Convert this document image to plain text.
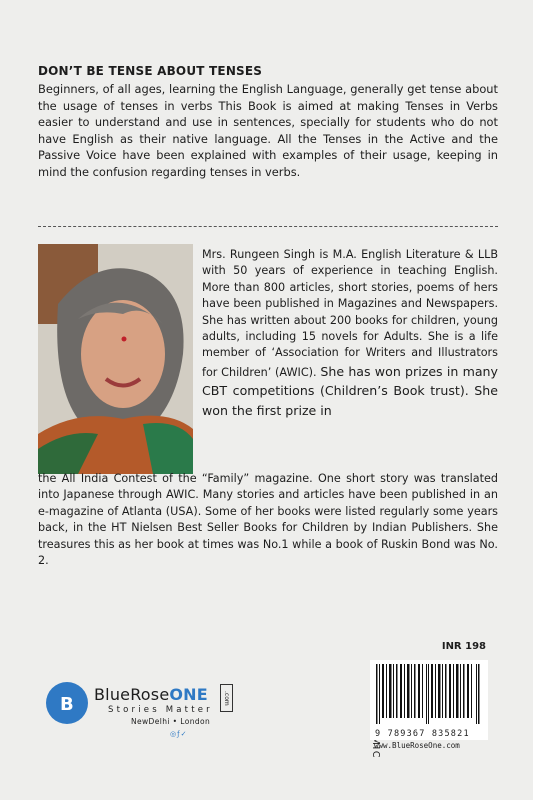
DON’T BE TENSE ABOUT TENSES
Beginners, of all ages, learning the English Language, generally get tense about the usage of tenses in verbs This Book is aimed at making Tenses in Verbs easier to understand and use in sentences, specially for students who do not have English as their native language. All the Tenses in the Active and the Passive Voice have been explained with examples of their usage, keeping in mind the confusion regarding tenses in verbs.
Mrs. Rungeen Singh is M.A. English Literature & LLB with 50 years of experience in teaching English. More than 800 articles, short stories, poems of hers have been published in Magazines and Newspapers. She has written about 200 books for children, young adults, including 15 novels for Adults. She is a life member of ‘Association for Writers and Illustrators for Children’ (AWIC). She has won prizes in many CBT competitions (Children’s Book trust). She won the first prize in
the All India Contest of the “Family” magazine. One short story was translated into Japanese through AWIC. Many stories and articles have been published in an e-magazine of Atlanta (USA). Some of her books were listed regularly some years back, in the HT Nielsen Best Seller Books for Children by Indian Publishers. She treasures this as her book at times was No.1 while a book of Ruskin Bond was No. 2.
B BlueRoseONE	.com
Stories Matter
NewDelhi • London
◎ƒ✓
INR 198
9 789367 835821
www.BlueRoseOne.com
